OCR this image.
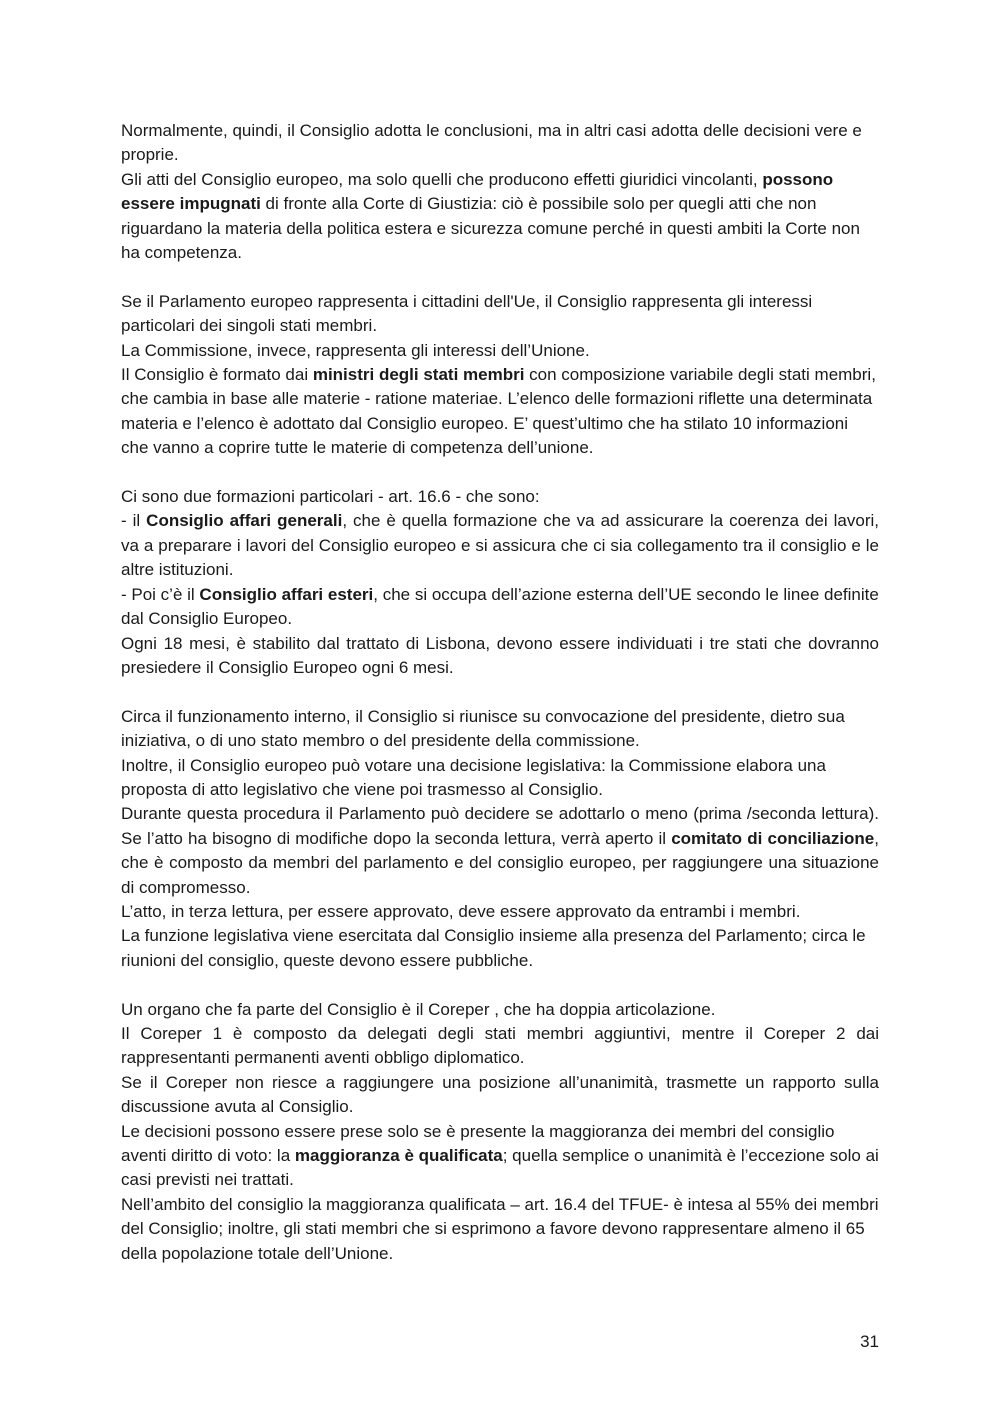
Normalmente, quindi, il Consiglio adotta le conclusioni, ma in altri casi adotta delle decisioni vere e proprie.

Gli atti del Consiglio europeo, ma solo quelli che producono effetti giuridici vincolanti, possono essere impugnati di fronte alla Corte di Giustizia: ciò è possibile solo per quegli atti che non riguardano la materia della politica estera e sicurezza comune perché in questi ambiti la Corte non ha competenza.

Se il Parlamento europeo rappresenta i cittadini dell'Ue, il Consiglio rappresenta gli interessi particolari dei singoli stati membri.

La Commissione, invece, rappresenta gli interessi dell’Unione.

Il Consiglio è formato dai ministri degli stati membri con composizione variabile degli stati membri, che cambia in base alle materie - ratione materiae. L’elenco delle formazioni riflette una determinata materia e l’elenco è adottato dal Consiglio europeo. E’ quest’ultimo che ha stilato 10 informazioni che vanno a coprire tutte le materie di competenza dell’unione.

Ci sono due formazioni particolari - art. 16.6 - che sono:

- il Consiglio affari generali, che è quella formazione che va ad assicurare la coerenza dei lavori, va a preparare i lavori del Consiglio europeo e si assicura che ci sia collegamento tra il consiglio e le altre istituzioni.

- Poi c’è il Consiglio affari esteri, che si occupa dell’azione esterna dell’UE secondo le linee definite dal Consiglio Europeo.

Ogni 18 mesi, è stabilito dal trattato di Lisbona, devono essere individuati i tre stati che dovranno presiedere il Consiglio Europeo ogni 6 mesi.

Circa il funzionamento interno, il Consiglio si riunisce su convocazione del presidente, dietro sua iniziativa, o di uno stato membro o del presidente della commissione.

Inoltre, il Consiglio europeo può votare una decisione legislativa: la Commissione elabora una proposta di atto legislativo che viene poi trasmesso al Consiglio.

Durante questa procedura il Parlamento può decidere se adottarlo o meno (prima /seconda lettura). Se l’atto ha bisogno di modifiche dopo la seconda lettura, verrà aperto il comitato di conciliazione, che è composto da membri del parlamento e del consiglio europeo, per raggiungere una situazione di compromesso.

L’atto, in terza lettura, per essere approvato, deve essere approvato da entrambi i membri.

La funzione legislativa viene esercitata dal Consiglio insieme alla presenza del Parlamento; circa le riunioni del consiglio, queste devono essere pubbliche.

Un organo che fa parte del Consiglio è il Coreper , che ha doppia articolazione.

Il Coreper 1 è composto da delegati degli stati membri aggiuntivi, mentre il Coreper 2 dai rappresentanti permanenti aventi obbligo diplomatico.

Se il Coreper non riesce a raggiungere una posizione all’unanimità, trasmette un rapporto sulla discussione avuta al Consiglio.

Le decisioni possono essere prese solo se è presente la maggioranza dei membri del consiglio aventi diritto di voto: la maggioranza è qualificata; quella semplice o unanimità è l’eccezione solo ai casi previsti nei trattati.

Nell’ambito del consiglio la maggioranza qualificata – art. 16.4 del TFUE- è intesa al 55% dei membri del Consiglio; inoltre, gli stati membri che si esprimono a favore devono rappresentare almeno il 65 della popolazione totale dell’Unione.

31
